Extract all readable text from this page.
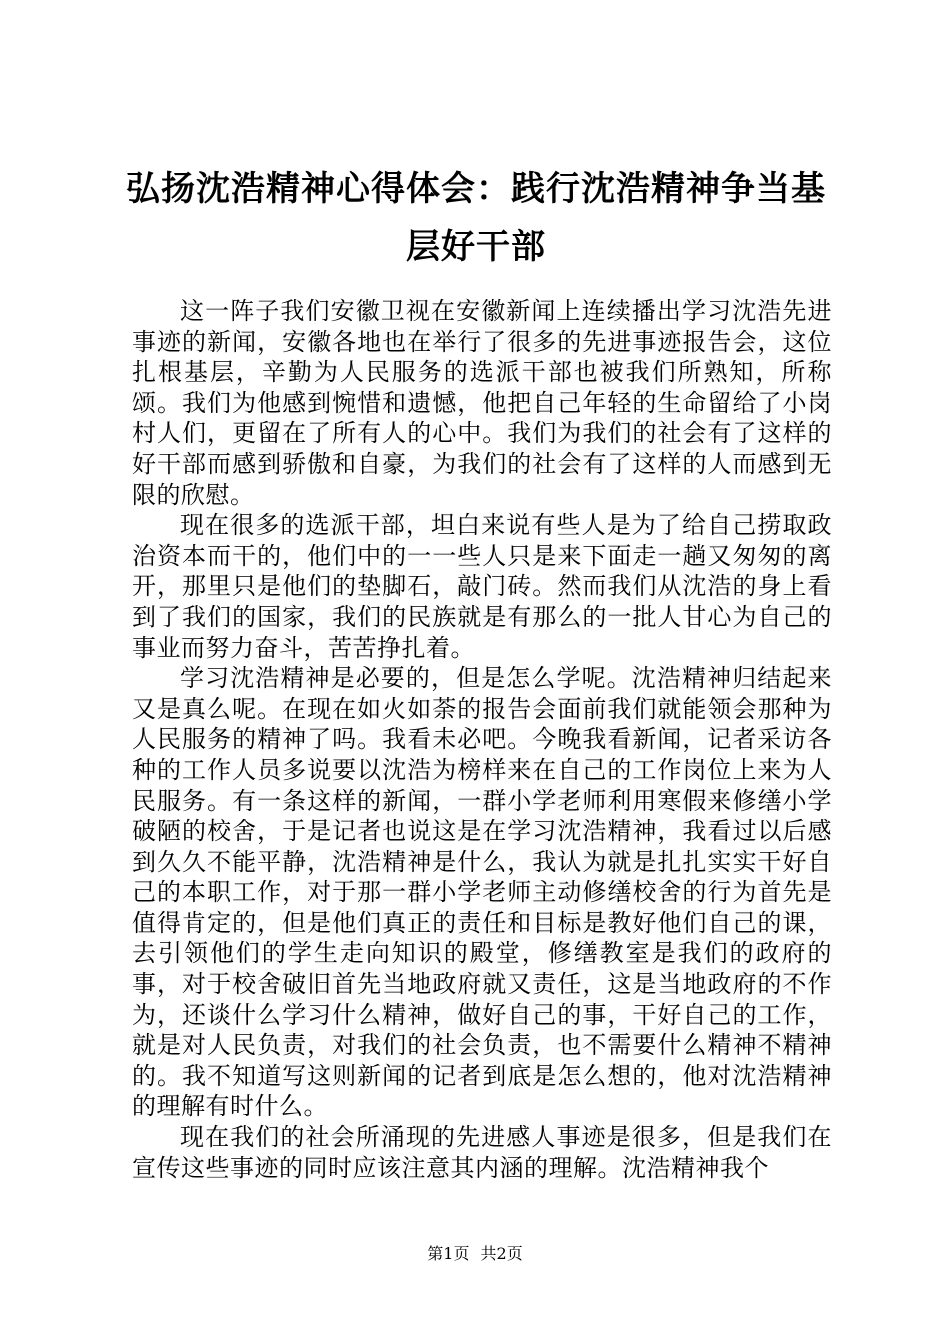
弘扬沈浩精神心得体会：践行沈浩精神争当基层好干部

这一阵子我们安徽卫视在安徽新闻上连续播出学习沈浩先进事迹的新闻，安徽各地也在举行了很多的先进事迹报告会，这位扎根基层，辛勤为人民服务的选派干部也被我们所熟知，所称颂。我们为他感到惋惜和遗憾，他把自己年轻的生命留给了小岗村人们，更留在了所有人的心中。我们为我们的社会有了这样的好干部而感到骄傲和自豪，为我们的社会有了这样的人而感到无限的欣慰。

现在很多的选派干部，坦白来说有些人是为了给自己捞取政治资本而干的，他们中的一一些人只是来下面走一趟又匆匆的离开，那里只是他们的垫脚石，敲门砖。然而我们从沈浩的身上看到了我们的国家，我们的民族就是有那么的一批人甘心为自己的事业而努力奋斗，苦苦挣扎着。

学习沈浩精神是必要的，但是怎么学呢。沈浩精神归结起来又是真么呢。在现在如火如荼的报告会面前我们就能领会那种为人民服务的精神了吗。我看未必吧。今晚我看新闻，记者采访各种的工作人员多说要以沈浩为榜样来在自己的工作岗位上来为人民服务。有一条这样的新闻，一群小学老师利用寒假来修缮小学破陋的校舍，于是记者也说这是在学习沈浩精神，我看过以后感到久久不能平静，沈浩精神是什么，我认为就是扎扎实实干好自己的本职工作，对于那一群小学老师主动修缮校舍的行为首先是值得肯定的，但是他们真正的责任和目标是教好他们自己的课，去引领他们的学生走向知识的殿堂，修缮教室是我们的政府的事，对于校舍破旧首先当地政府就又责任，这是当地政府的不作为，还谈什么学习什么精神，做好自己的事，干好自己的工作，就是对人民负责，对我们的社会负责，也不需要什么精神不精神的。我不知道写这则新闻的记者到底是怎么想的，他对沈浩精神的理解有时什么。

现在我们的社会所涌现的先进感人事迹是很多，但是我们在宣传这些事迹的同时应该注意其内涵的理解。沈浩精神我个

第1页 共2页
